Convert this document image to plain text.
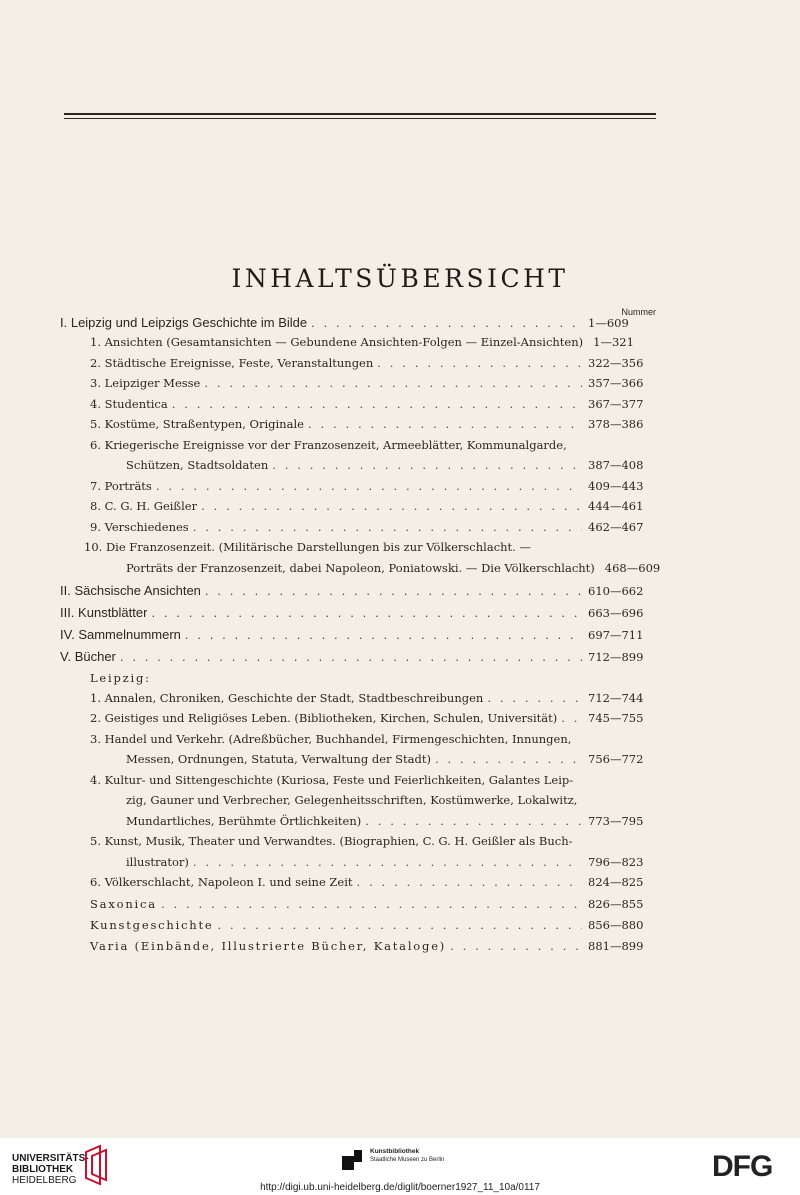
INHALTSÜBERSICHT
Nummer
I. Leipzig und Leipzigs Geschichte im Bilde . . .	1—609
1. Ansichten (Gesamtansichten — Gebundene Ansichten-Folgen — Einzel-Ansichten) 1—321
2. Städtische Ereignisse, Feste, Veranstaltungen . . .	322—356
3. Leipziger Messe . . .	357—366
4. Studentica . . .	367—377
5. Kostüme, Straßentypen, Originale . . .	378—386
6. Kriegerische Ereignisse vor der Franzosenzeit, Armeeblätter, Kommunalgarde,
Schützen, Stadtsoldaten . . .	387—408
7. Porträts . . .	409—443
8. C. G. H. Geißler . . .	444—461
9. Verschiedenes . . .	462—467
10. Die Franzosenzeit. (Militärische Darstellungen bis zur Völkerschlacht. —
Porträts der Franzosenzeit, dabei Napoleon, Poniatowski. — Die Völkerschlacht) 468—609
II. Sächsische Ansichten . . .	610—662
III. Kunstblätter . . .	663—696
IV. Sammelnummern . . .	697—711
V. Bücher . . .	712—899
Leipzig:
1. Annalen, Chroniken, Geschichte der Stadt, Stadtbeschreibungen . . .	712—744
2. Geistiges und Religiöses Leben. (Bibliotheken, Kirchen, Schulen, Universität) . . .	745—755
3. Handel und Verkehr. (Adreßbücher, Buchhandel, Firmengeschichten, Innungen,
Messen, Ordnungen, Statuta, Verwaltung der Stadt) . . .	756—772
4. Kultur- und Sittengeschichte (Kuriosa, Feste und Feierlichkeiten, Galantes Leip-
zig, Gauner und Verbrecher, Gelegenheitsschriften, Kostümwerke, Lokalwitz,
Mundartliches, Berühmte Örtlichkeiten) . . .	773—795
5. Kunst, Musik, Theater und Verwandtes. (Biographien, C. G. H. Geißler als Buch-
illustrator) . . .	796—823
6. Völkerschlacht, Napoleon I. und seine Zeit . . .	824—825
Saxonica . . .	826—855
Kunstgeschichte . . .	856—880
Varia (Einbände, Illustrierte Bücher, Kataloge) . . .	881—899
UNIVERSITÄTS-
BIBLIOTHEK
HEIDELBERG
Kunstbibliothek
Staatliche Museen zu Berlin	DFG
http://digi.ub.uni-heidelberg.de/diglit/boerner1927_11_10a/0117
